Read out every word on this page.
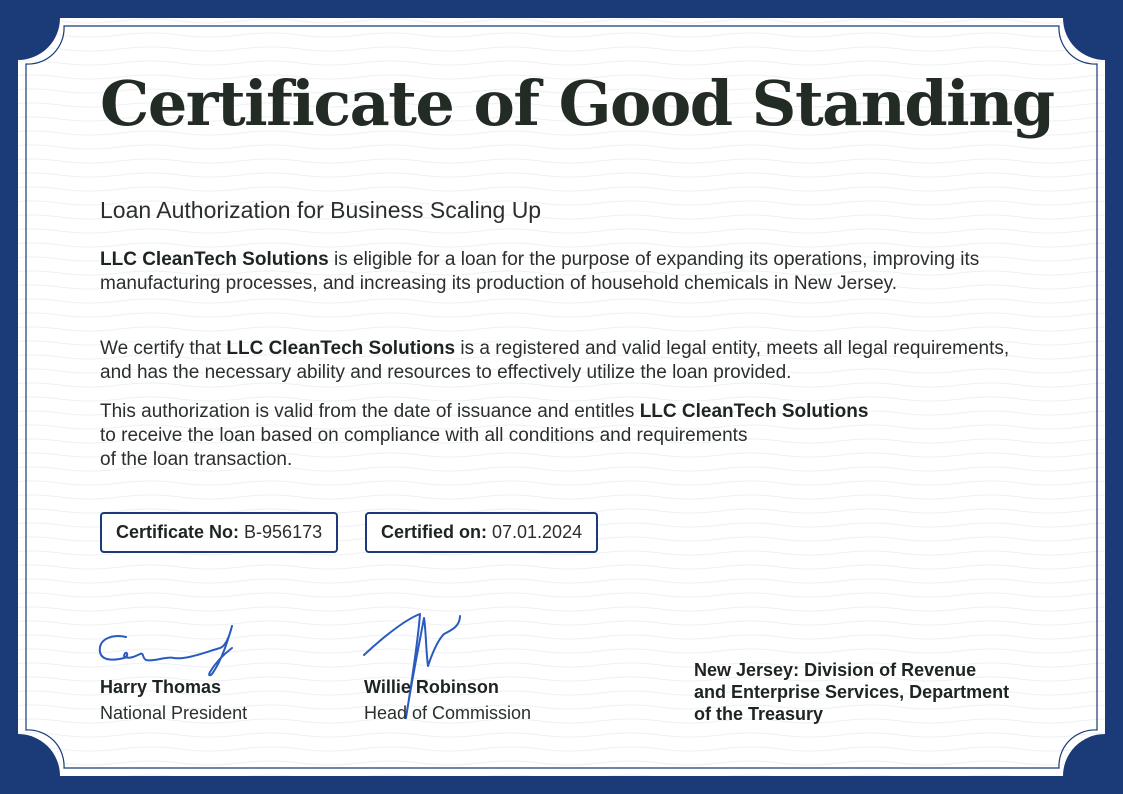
Certificate of Good Standing
Loan Authorization for Business Scaling Up

LLC CleanTech Solutions is eligible for a loan for the purpose of expanding its operations, improving its manufacturing processes, and increasing its production of household chemicals in New Jersey.

We certify that LLC CleanTech Solutions is a registered and valid legal entity, meets all legal requirements, and has the necessary ability and resources to effectively utilize the loan provided.

This authorization is valid from the date of issuance and entitles LLC CleanTech Solutions
to receive the loan based on compliance with all conditions and requirements
of the loan transaction.

Certificate No: B-956173	Certified on: 07.01.2024
Harry Thomas
National President
Willie Robinson
Head of Commission
New Jersey: Division of Revenue
and Enterprise Services, Department
of the Treasury
